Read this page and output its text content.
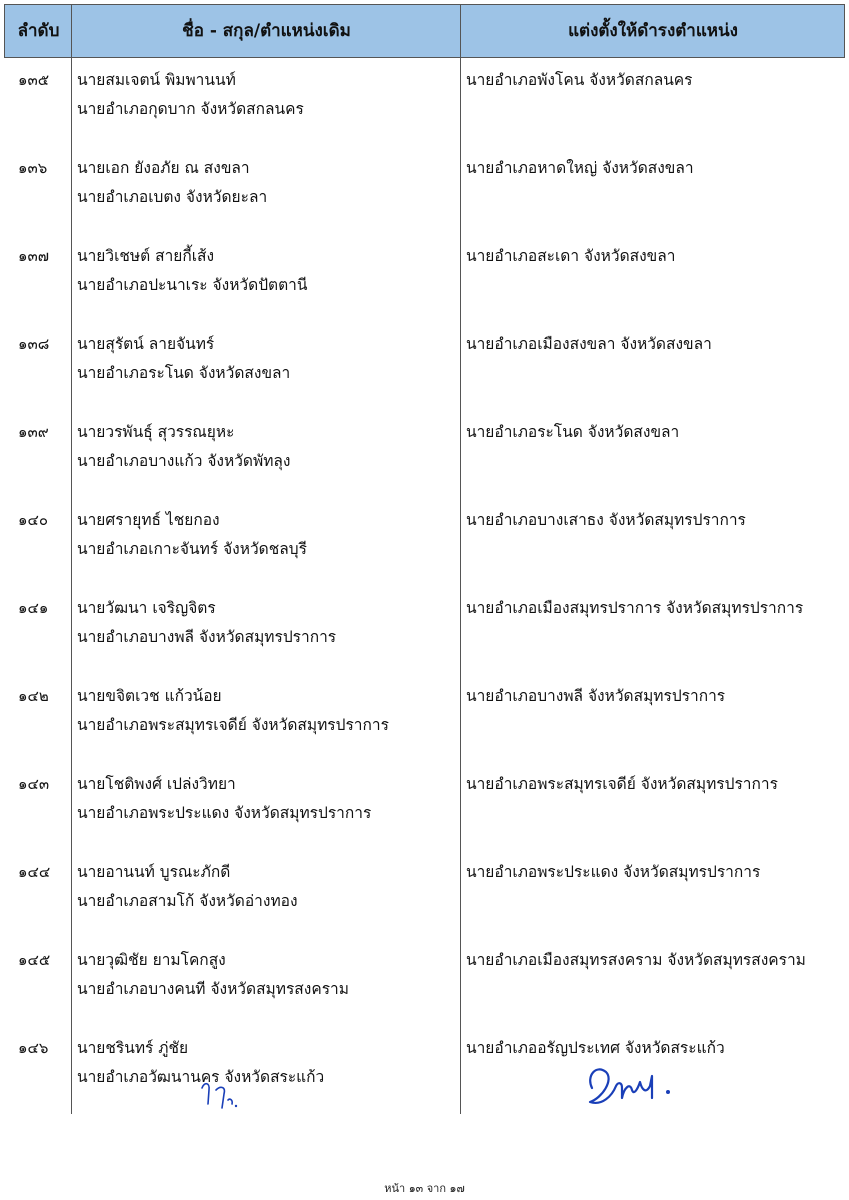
ลำดับ	ชื่อ - สกุล/ตำแหน่งเดิม	แต่งตั้งให้ดำรงตำแหน่ง
๑๓๕ นายสมเจตน์ พิมพานนท์
นายอำเภอกุดบาก จังหวัดสกลนคร
นายอำเภอพังโคน จังหวัดสกลนคร
๑๓๖ นายเอก ยังอภัย ณ สงขลา
นายอำเภอเบตง จังหวัดยะลา
นายอำเภอหาดใหญ่ จังหวัดสงขลา
๑๓๗ นายวิเชษต์ สายกี้เส้ง
นายอำเภอปะนาเระ จังหวัดปัตตานี
นายอำเภอสะเดา จังหวัดสงขลา
๑๓๘ นายสุรัตน์ ลายจันทร์
นายอำเภอระโนด จังหวัดสงขลา
นายอำเภอเมืองสงขลา จังหวัดสงขลา
๑๓๙ นายวรพันธุ์ สุวรรณยุหะ
นายอำเภอบางแก้ว จังหวัดพัทลุง
นายอำเภอระโนด จังหวัดสงขลา
๑๔๐ นายศรายุทธ์ ไชยกอง
นายอำเภอเกาะจันทร์ จังหวัดชลบุรี
นายอำเภอบางเสาธง จังหวัดสมุทรปราการ
๑๔๑ นายวัฒนา เจริญจิตร
นายอำเภอบางพลี จังหวัดสมุทรปราการ
นายอำเภอเมืองสมุทรปราการ จังหวัดสมุทรปราการ
๑๔๒ นายขจิตเวช แก้วน้อย
นายอำเภอพระสมุทรเจดีย์ จังหวัดสมุทรปราการ
นายอำเภอบางพลี จังหวัดสมุทรปราการ
๑๔๓ นายโชติพงศ์ เปล่งวิทยา
นายอำเภอพระประแดง จังหวัดสมุทรปราการ
นายอำเภอพระสมุทรเจดีย์ จังหวัดสมุทรปราการ
๑๔๔ นายอานนท์ บูรณะภักดี
นายอำเภอสามโก้ จังหวัดอ่างทอง
นายอำเภอพระประแดง จังหวัดสมุทรปราการ
๑๔๕ นายวุฒิชัย ยามโคกสูง
นายอำเภอบางคนที จังหวัดสมุทรสงคราม
นายอำเภอเมืองสมุทรสงคราม จังหวัดสมุทรสงคราม
๑๔๖ นายชรินทร์ ภู่ชัย
นายอำเภอวัฒนานคร จังหวัดสระแก้ว
นายอำเภออรัญประเทศ จังหวัดสระแก้ว
หน้า ๑๓ จาก ๑๗
